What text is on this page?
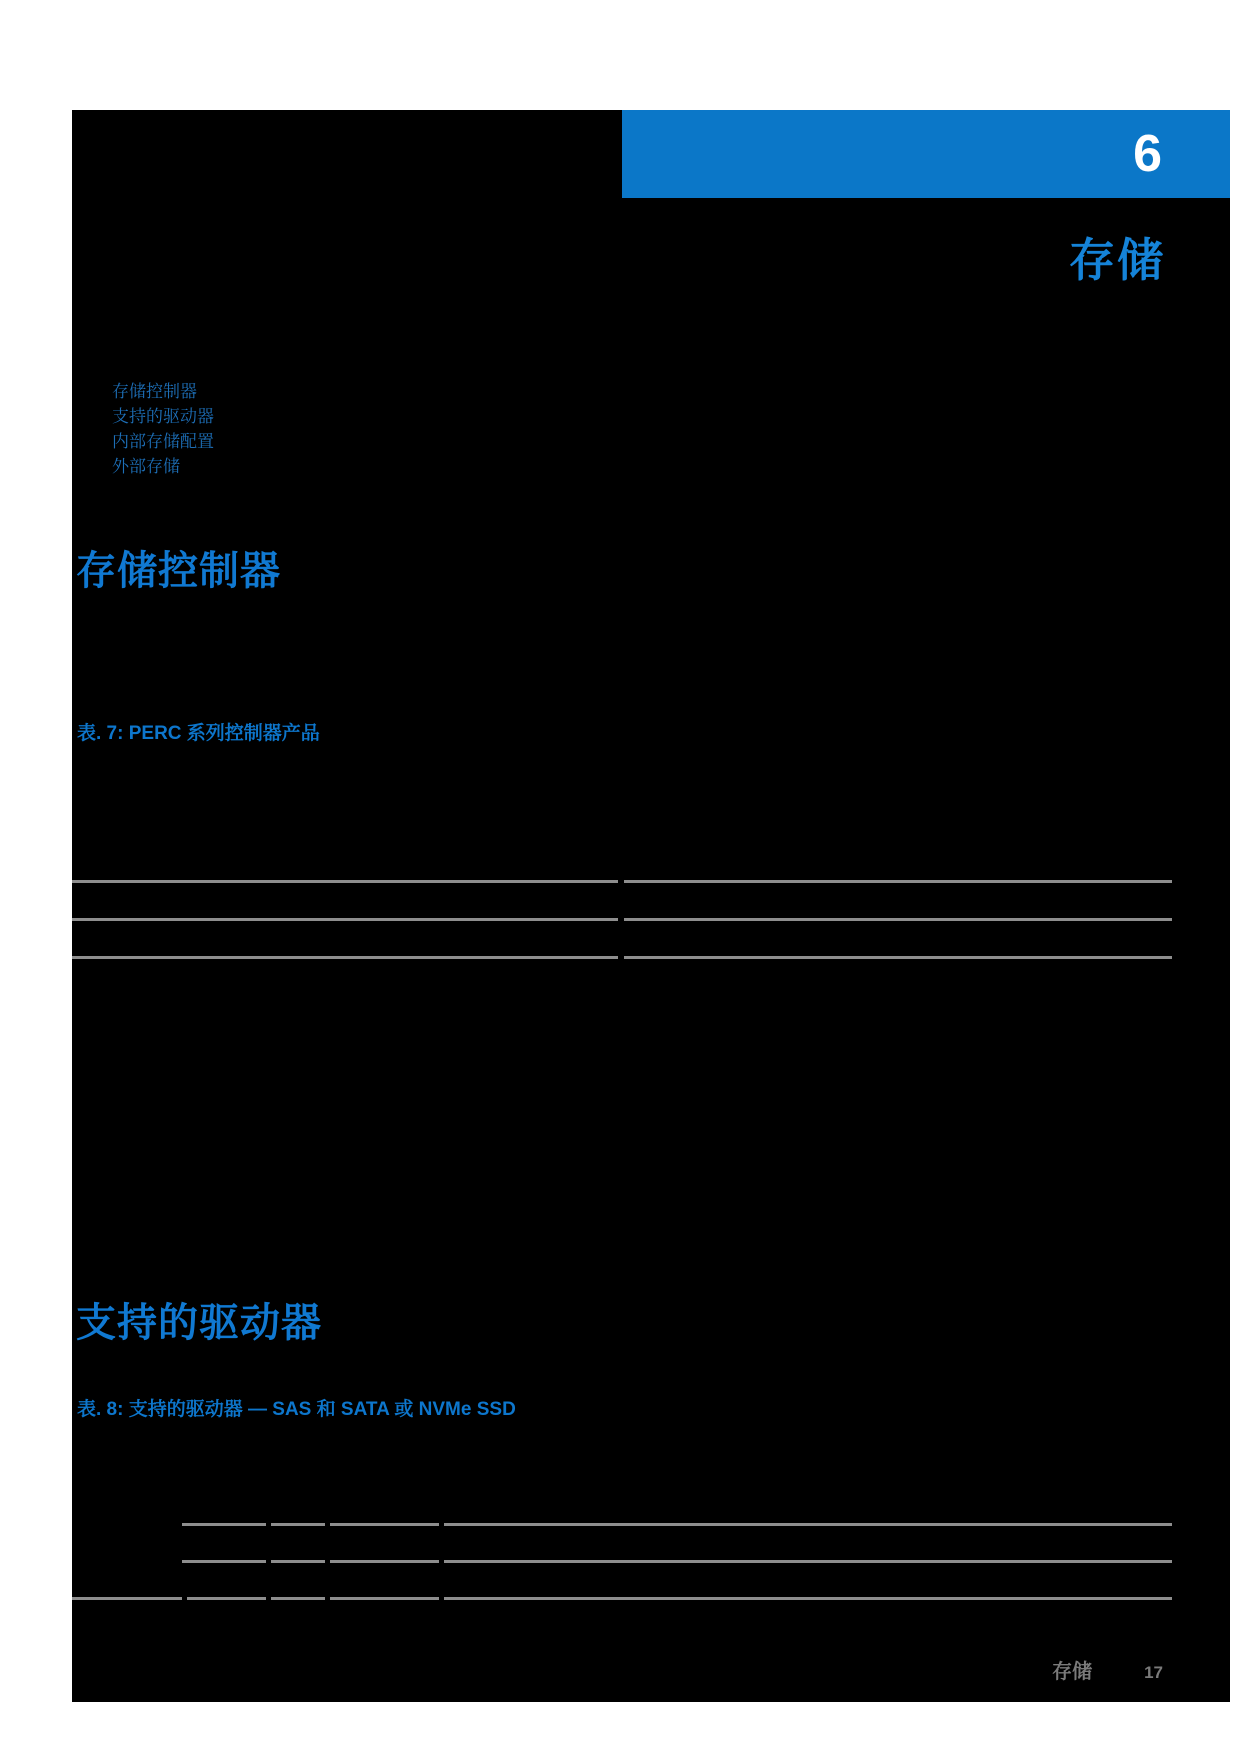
6
存储
存储控制器
支持的驱动器
内部存储配置
外部存储
存储控制器
表. 7: PERC 系列控制器产品
支持的驱动器
表. 8: 支持的驱动器 — SAS 和 SATA 或 NVMe SSD
存储	17
